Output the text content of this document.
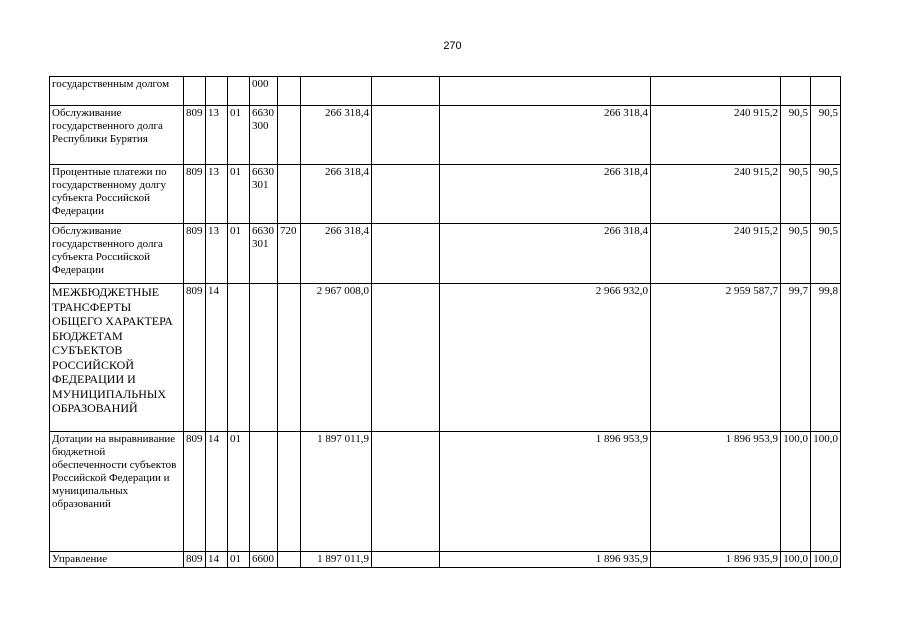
270
государственным долгом				000							
Обслуживание государственного долга Республики Бурятия	809	13	01	6630 300		266 318,4		266 318,4	240 915,2	90,5	90,5
Процентные платежи по государственному долгу субъекта Российской Федерации	809	13	01	6630 301		266 318,4		266 318,4	240 915,2	90,5	90,5
Обслуживание государственного долга субъекта Российской Федерации	809	13	01	6630 301	720	266 318,4		266 318,4	240 915,2	90,5	90,5
МЕЖБЮДЖЕТНЫЕ ТРАНСФЕРТЫ ОБЩЕГО ХАРАКТЕРА БЮДЖЕТАМ СУБЪЕКТОВ РОССИЙСКОЙ ФЕДЕРАЦИИ И МУНИЦИПАЛЬНЫХ ОБРАЗОВАНИЙ	809	14				2 967 008,0		2 966 932,0	2 959 587,7	99,7	99,8
Дотации на выравнивание бюджетной обеспеченности субъектов Российской Федерации и муниципальных образований	809	14	01			1 897 011,9		1 896 953,9	1 896 953,9	100,0	100,0
Управление	809	14	01	6600		1 897 011,9		1 896 935,9	1 896 935,9	100,0	100,0
